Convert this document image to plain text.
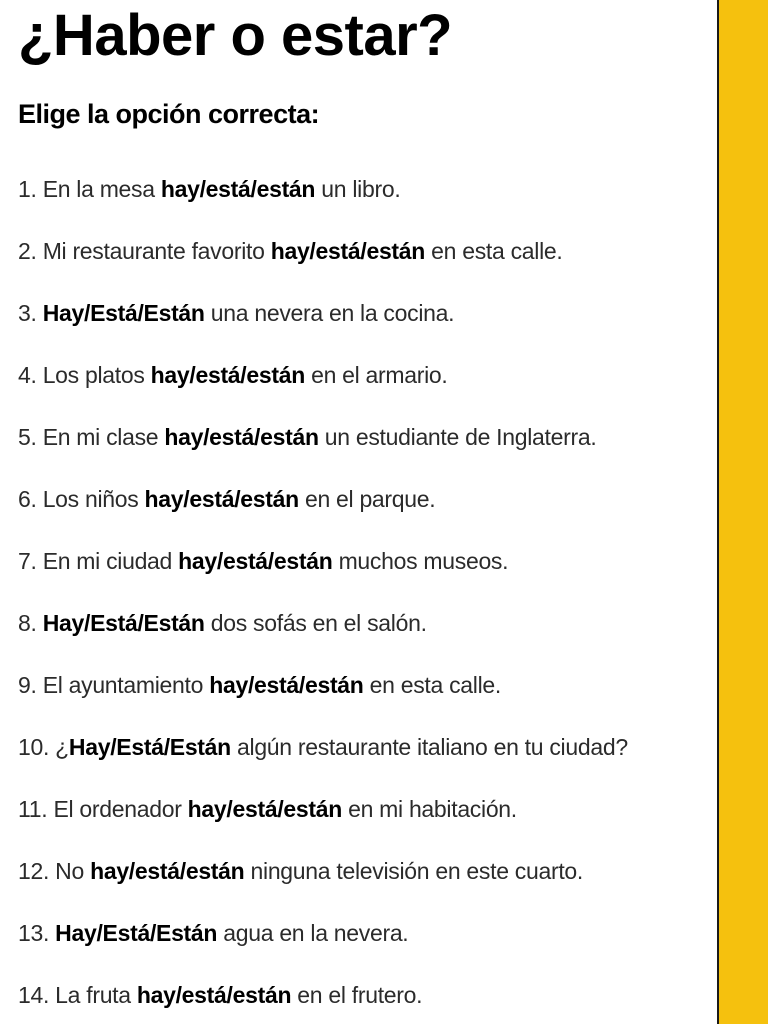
¿Haber o estar?
Elige la opción correcta:
1. En la mesa hay/está/están un libro.
2. Mi restaurante favorito hay/está/están en esta calle.
3. Hay/Está/Están una nevera en la cocina.
4. Los platos hay/está/están en el armario.
5. En mi clase hay/está/están un estudiante de Inglaterra.
6. Los niños hay/está/están en el parque.
7. En mi ciudad hay/está/están muchos museos.
8. Hay/Está/Están dos sofás en el salón.
9. El ayuntamiento hay/está/están en esta calle.
10. ¿Hay/Está/Están algún restaurante italiano en tu ciudad?
11. El ordenador hay/está/están en mi habitación.
12. No hay/está/están ninguna televisión en este cuarto.
13. Hay/Está/Están agua en la nevera.
14. La fruta hay/está/están en el frutero.
